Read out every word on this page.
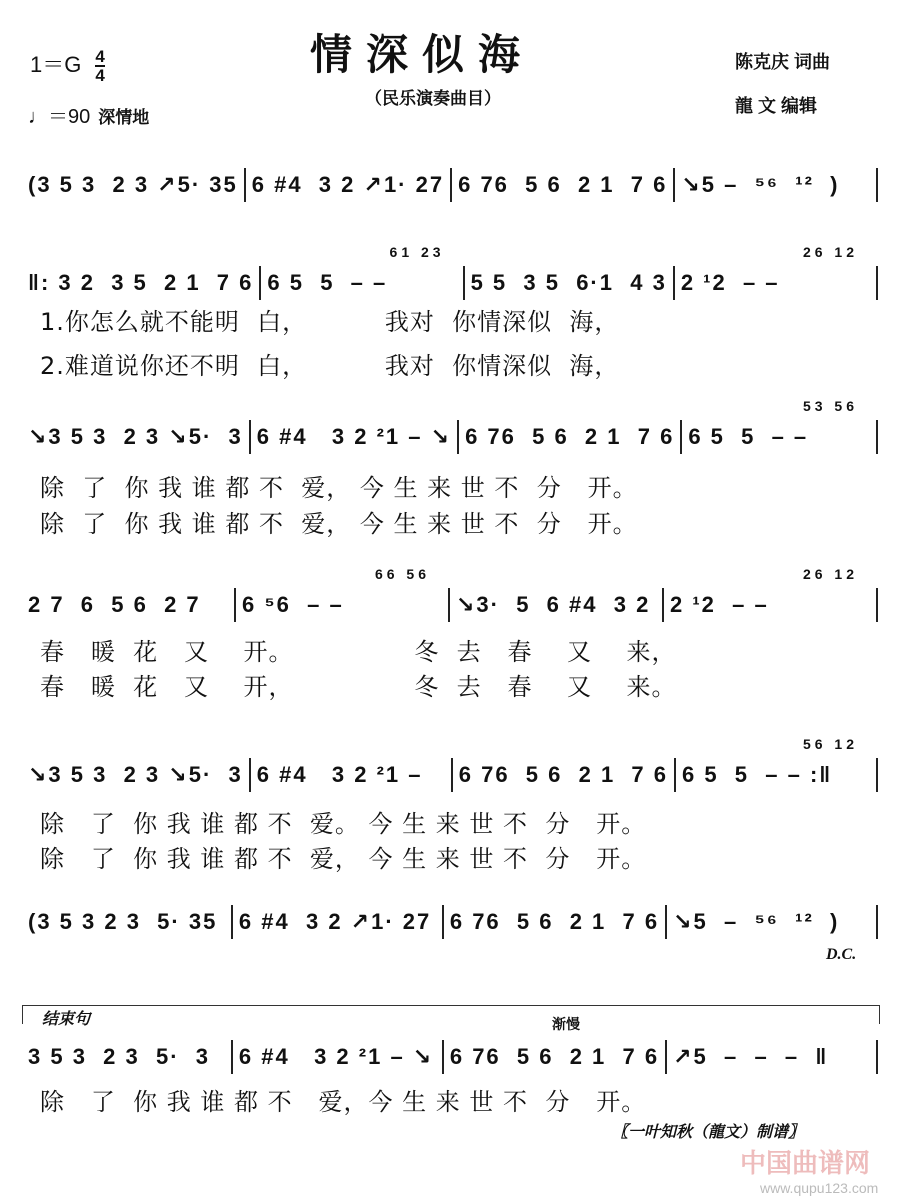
情深似海
（民乐演奏曲目）
$1=G \frac{4}{4}$
♩＝90 深情地
陈克庆 词曲
龍 文 编辑
(3 5 3  2 3 ↗5· 35 6 #4  3 2 ↗1· 27 6 76  5 6  2 1  7 6 ↘5 –  ⁵⁶  ¹²  )
‖: 3 2  3 5  2 1  7 6 6 5  5  – –
61 23
5 5  3 5  6·1  4 3 2 ¹2  – –
26 12
1.你怎么就不能明  白，         我对  你情深似  海，
2.难道说你还不明  白，         我对  你情深似  海，
↘3 5 3  2 3 ↘5·  3 6 #4   3 2 ²1 – ↘ 6 76  5 6  2 1  7 6 6 5  5  – –
53 56
除  了  你 我 谁 都 不  爱， 今 生 来 世 不  分   开。
除  了  你 我 谁 都 不  爱， 今 生 来 世 不  分   开。
2 7  6  5 6  2 7	6 ⁵6  – –
66 56
↘3·  5  6 #4  3 2 2 ¹2  – –
26 12
春   暖  花   又    开。              冬  去   春    又    来，
春   暖  花   又    开，              冬  去   春    又    来。
↘3 5 3  2 3 ↘5·  3 6 #4   3 2 ²1 –	6 76  5 6  2 1  7 6 6 5  5  – – :‖
56 12
除   了  你 我 谁 都 不  爱。 今 生 来 世 不  分   开。
除   了  你 我 谁 都 不  爱， 今 生 来 世 不  分   开。
(3 5 3 2 3  5· 35 6 #4  3 2 ↗1· 27 6 76  5 6  2 1  7 6 ↘5  –  ⁵⁶  ¹²  )
D.C.
结束句	渐慢
3 5 3  2 3  5·  3	6 #4   3 2 ²1 – ↘ 6 76  5 6  2 1  7 6 ↗5  –  –  –  ‖
除   了  你 我 谁 都 不   爱，今 生 来 世 不  分   开。
〖一叶知秋（龍文）制谱〗
中国曲谱网
www.qupu123.com
